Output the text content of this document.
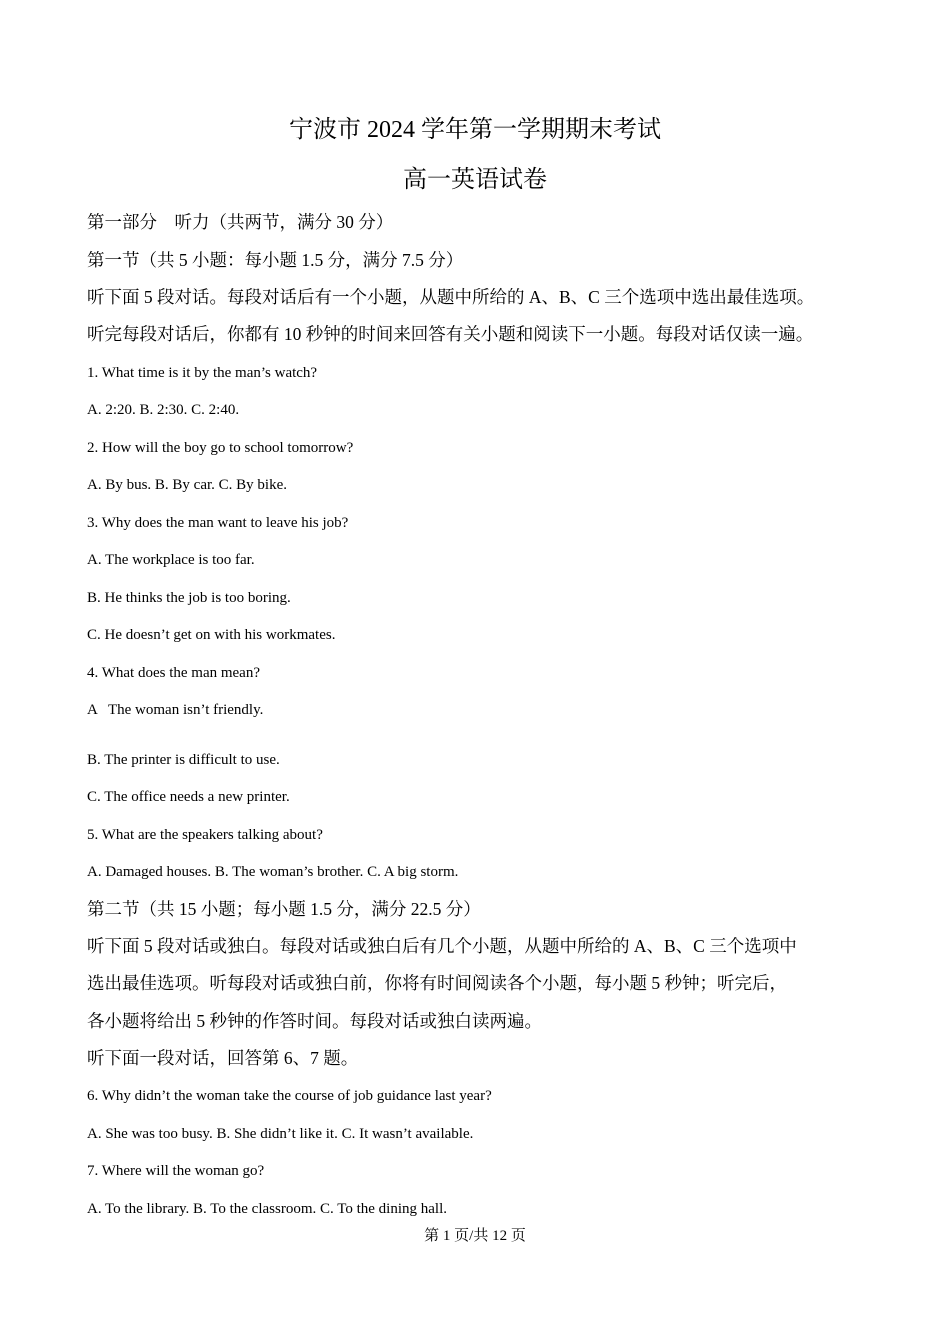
宁波市 2024 学年第一学期期末考试
高一英语试卷
第一部分　听力（共两节，满分 30 分）
第一节（共 5 小题：每小题 1.5 分，满分 7.5 分）
听下面 5 段对话。每段对话后有一个小题，从题中所给的 A、B、C 三个选项中选出最佳选项。
听完每段对话后，你都有 10 秒钟的时间来回答有关小题和阅读下一小题。每段对话仅读一遍。
1. What time is it by the man’s watch?
A. 2:20. B. 2:30. C. 2:40.
2. How will the boy go to school tomorrow?
A. By bus. B. By car. C. By bike.
3. Why does the man want to leave his job?
A. The workplace is too far.
B. He thinks the job is too boring.
C. He doesn’t get on with his workmates.
4. What does the man mean?
A   The woman isn’t friendly.
B. The printer is difficult to use.
C. The office needs a new printer.
5. What are the speakers talking about?
A. Damaged houses. B. The woman’s brother. C. A big storm.
第二节（共 15 小题；每小题 1.5 分，满分 22.5 分）
听下面 5 段对话或独白。每段对话或独白后有几个小题，从题中所给的 A、B、C 三个选项中
选出最佳选项。听每段对话或独白前，你将有时间阅读各个小题，每小题 5 秒钟；听完后，
各小题将给出 5 秒钟的作答时间。每段对话或独白读两遍。
听下面一段对话，回答第 6、7 题。
6. Why didn’t the woman take the course of job guidance last year?
A. She was too busy. B. She didn’t like it. C. It wasn’t available.
7. Where will the woman go?
A. To the library. B. To the classroom. C. To the dining hall.
第 1 页/共 12 页
